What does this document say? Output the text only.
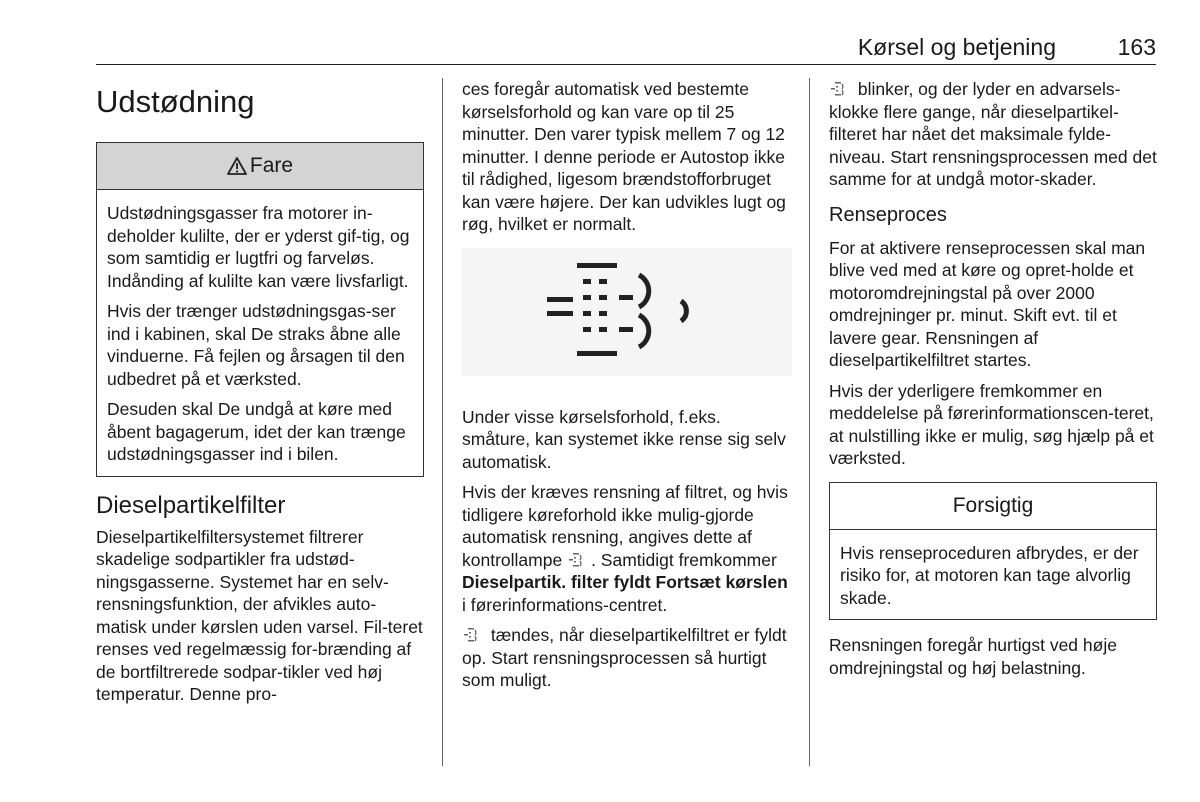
Kørsel og betjening	163
Udstødning
Fare

Udstødningsgasser fra motorer in-deholder kulilte, der er yderst gif-tig, og som samtidig er lugtfri og farveløs. Indånding af kulilte kan være livsfarligt.

Hvis der trænger udstødningsgas-ser ind i kabinen, skal De straks åbne alle vinduerne. Få fejlen og årsagen til den udbedret på et værksted.

Desuden skal De undgå at køre med åbent bagagerum, idet der kan trænge udstødningsgasser ind i bilen.

Dieselpartikelfilter

Dieselpartikelfiltersystemet filtrerer skadelige sodpartikler fra udstød-ningsgasserne. Systemet har en selv-rensningsfunktion, der afvikles auto-matisk under kørslen uden varsel. Fil-teret renses ved regelmæssig for-brænding af de bortfiltrerede sodpar-tikler ved høj temperatur. Denne pro-

ces foregår automatisk ved bestemte kørselsforhold og kan vare op til 25 minutter. Den varer typisk mellem 7 og 12 minutter. I denne periode er Autostop ikke til rådighed, ligesom brændstofforbruget kan være højere. Der kan udvikles lugt og røg, hvilket er normalt.

Under visse kørselsforhold, f.eks. småture, kan systemet ikke rense sig selv automatisk.

Hvis der kræves rensning af filtret, og hvis tidligere køreforhold ikke mulig-gjorde automatisk rensning, angives dette af kontrollampe . Samtidigt fremkommer Dieselpartik. filter fyldt Fortsæt kørslen i førerinformations-centret.

tændes, når dieselpartikelfiltret er fyldt op. Start rensningsprocessen så hurtigt som muligt.

blinker, og der lyder en advarsels-klokke flere gange, når dieselpartikel-filteret har nået det maksimale fylde-niveau. Start rensningsprocessen med det samme for at undgå motor-skader.

Renseproces

For at aktivere renseprocessen skal man blive ved med at køre og opret-holde et motoromdrejningstal på over 2000 omdrejninger pr. minut. Skift evt. til et lavere gear. Rensningen af dieselpartikelfiltret startes.

Hvis der yderligere fremkommer en meddelelse på førerinformationscen-teret, at nulstilling ikke er mulig, søg hjælp på et værksted.

Forsigtig

Hvis renseproceduren afbrydes, er der risiko for, at motoren kan tage alvorlig skade.

Rensningen foregår hurtigst ved høje omdrejningstal og høj belastning.
